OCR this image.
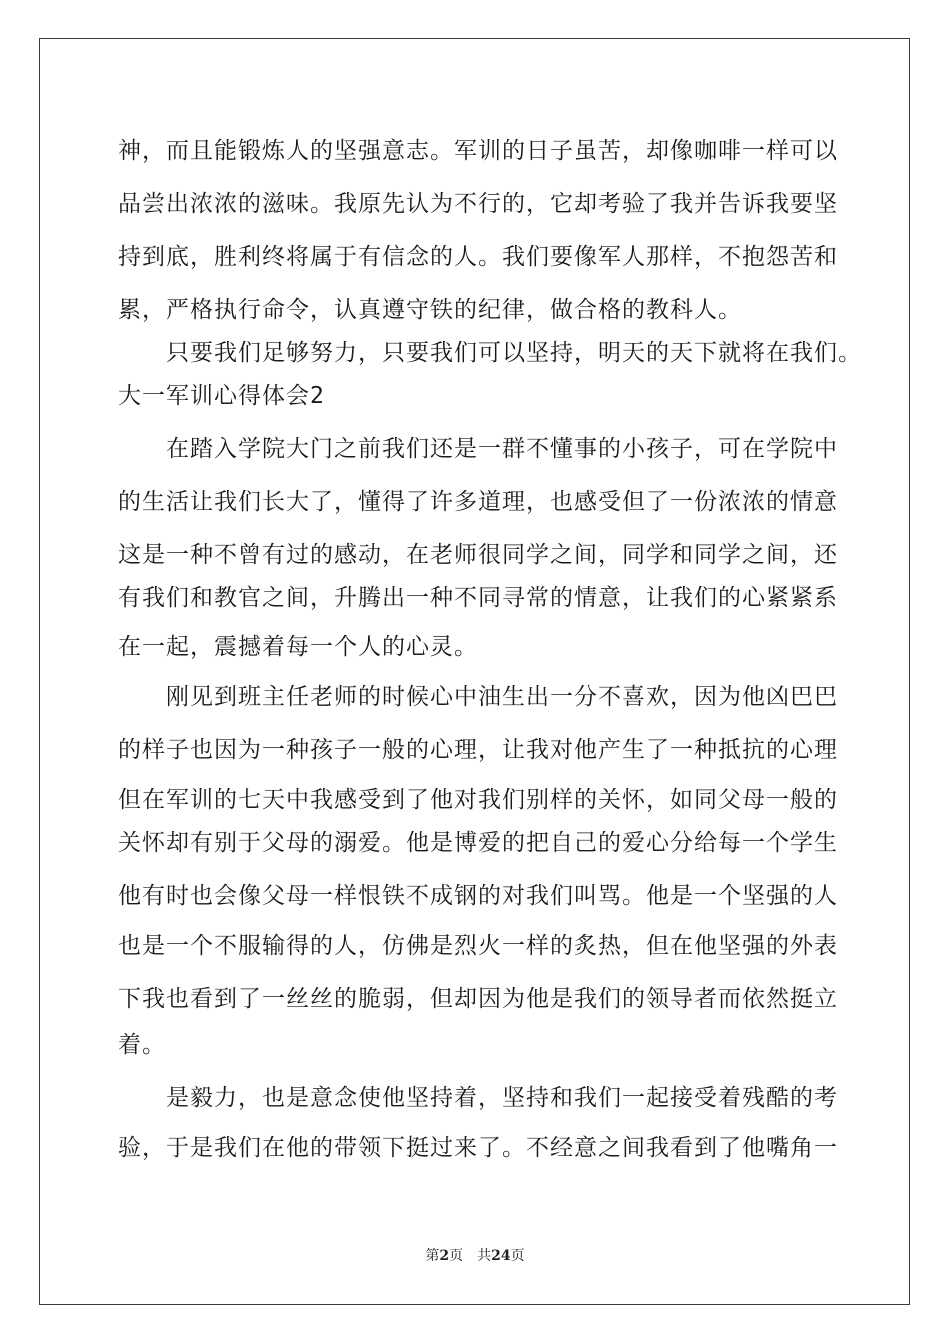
神，而且能锻炼人的坚强意志。军训的日子虽苦，却像咖啡一样可以
品尝出浓浓的滋味。我原先认为不行的，它却考验了我并告诉我要坚
持到底，胜利终将属于有信念的人。我们要像军人那样，不抱怨苦和
累，严格执行命令，认真遵守铁的纪律，做合格的教科人。
　　只要我们足够努力，只要我们可以坚持，明天的天下就将在我们。
大一军训心得体会2
　　在踏入学院大门之前我们还是一群不懂事的小孩子，可在学院中
的生活让我们长大了，懂得了许多道理，也感受但了一份浓浓的情意
这是一种不曾有过的感动，在老师很同学之间，同学和同学之间，还
有我们和教官之间，升腾出一种不同寻常的情意，让我们的心紧紧系
在一起，震撼着每一个人的心灵。
　　刚见到班主任老师的时候心中油生出一分不喜欢，因为他凶巴巴
的样子也因为一种孩子一般的心理，让我对他产生了一种抵抗的心理
但在军训的七天中我感受到了他对我们别样的关怀，如同父母一般的
关怀却有别于父母的溺爱。他是博爱的把自己的爱心分给每一个学生
他有时也会像父母一样恨铁不成钢的对我们叫骂。他是一个坚强的人
也是一个不服输得的人，仿佛是烈火一样的炙热，但在他坚强的外表
下我也看到了一丝丝的脆弱，但却因为他是我们的领导者而依然挺立
着。
　　是毅力，也是意念使他坚持着，坚持和我们一起接受着残酷的考
验，于是我们在他的带领下挺过来了。不经意之间我看到了他嘴角一
第2页 共24页
